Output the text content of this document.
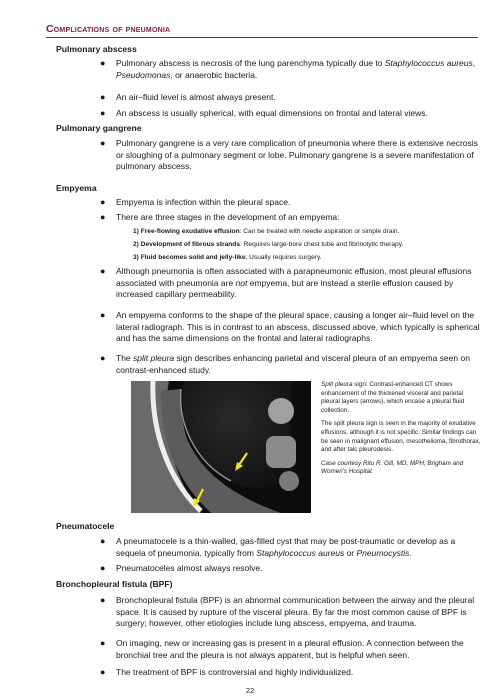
Complications of pneumonia
Pulmonary abscess
● Pulmonary abscess is necrosis of the lung parenchyma typically due to Staphylococcus aureus, Pseudomonas, or anaerobic bacteria.
● An air–fluid level is almost always present.
● An abscess is usually spherical, with equal dimensions on frontal and lateral views.
Pulmonary gangrene
● Pulmonary gangrene is a very rare complication of pneumonia where there is extensive necrosis or sloughing of a pulmonary segment or lobe. Pulmonary gangrene is a severe manifestation of pulmonary abscess.
Empyema
● Empyema is infection within the pleural space.
● There are three stages in the development of an empyema:
1) Free-flowing exudative effusion: Can be treated with needle aspiration or simple drain.
2) Development of fibrous strands: Requires large-bore chest tube and fibrinolytic therapy.
3) Fluid becomes solid and jelly-like: Usually requires surgery.
● Although pneumonia is often associated with a parapneumonic effusion, most pleural effusions associated with pneumonia are not empyema, but are instead a sterile effusion caused by increased capillary permeability.
● An empyema conforms to the shape of the pleural space, causing a longer air–fluid level on the lateral radiograph. This is in contrast to an abscess, discussed above, which typically is spherical and has the same dimensions on the frontal and lateral radiographs.
● The split pleura sign describes enhancing parietal and visceral pleura of an empyema seen on contrast-enhanced study.

Split pleura sign: Contrast-enhanced CT shows enhancement of the thickened visceral and parietal pleural layers (arrows), which encase a pleural fluid collection.

The split pleura sign is seen in the majority of exudative effusions, although it is not specific. Similar findings can be seen in malignant effusion, mesothelioma, fibrothorax, and after talc pleurodesis.

Case courtesy Ritu R. Gill, MD, MPH, Brigham and Women's Hospital.

Pneumatocele
● A pneumatocele is a thin-walled, gas-filled cyst that may be post-traumatic or develop as a sequela of pneumonia, typically from Staphylococcus aureus or Pneumocystis.
● Pneumatoceles almost always resolve.
Bronchopleural fistula (BPF)
● Bronchopleural fistula (BPF) is an abnormal communication between the airway and the pleural space. It is caused by rupture of the visceral pleura. By far the most common cause of BPF is surgery; however, other etiologies include lung abscess, empyema, and trauma.
● On imaging, new or increasing gas is present in a pleural effusion. A connection between the bronchial tree and the pleura is not always apparent, but is helpful when seen.
● The treatment of BPF is controversial and highly individualized.
22
